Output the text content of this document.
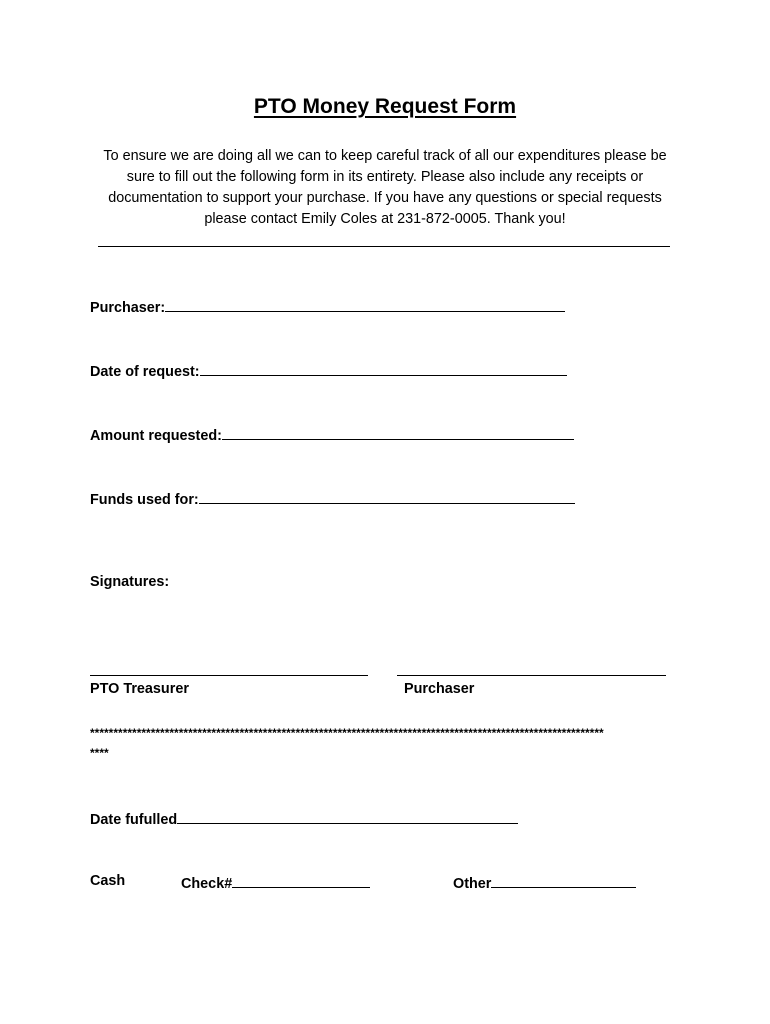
PTO Money Request Form
To ensure we are doing all we can to keep careful track of all our expenditures please be sure to fill out the following form in its entirety. Please also include any receipts or documentation to support your purchase. If you have any questions or special requests please contact Emily Coles at 231-872-0005. Thank you!
Purchaser:
Date of request:
Amount requested:
Funds used for:
Signatures:
PTO Treasurer	Purchaser
**************************************************************************************************************
****
Date fufulled
Cash	Check#	Other
